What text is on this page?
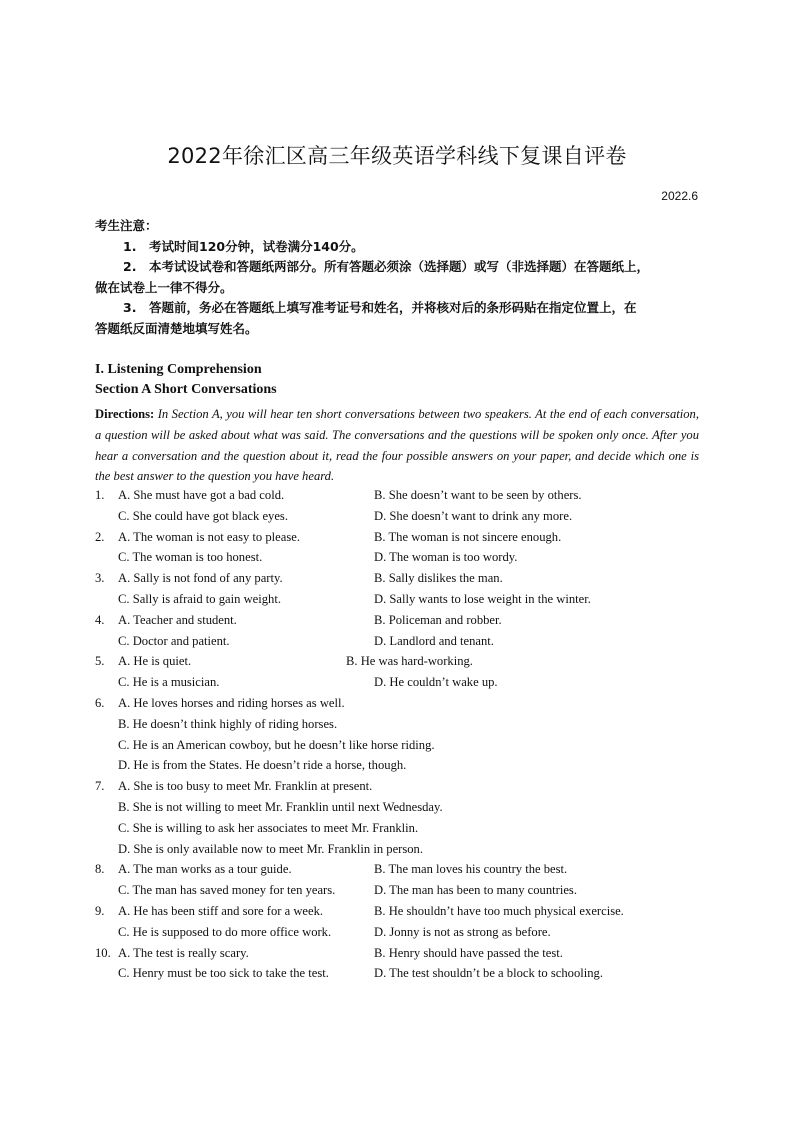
2022年徐汇区高三年级英语学科线下复课自评卷
2022.6
考生注意：
1. 考试时间120分钟，试卷满分140分。
2. 本考试设试卷和答题纸两部分。所有答题必须涂（选择题）或写（非选择题）在答题纸上，
做在试卷上一律不得分。
3. 答题前，务必在答题纸上填写准考证号和姓名，并将核对后的条形码贴在指定位置上，在
答题纸反面清楚地填写姓名。
I. Listening Comprehension
Section A Short Conversations
Directions: In Section A, you will hear ten short conversations between two speakers. At the end of each conversation, a question will be asked about what was said. The conversations and the questions will be spoken only once. After you hear a conversation and the question about it, read the four possible answers on your paper, and decide which one is the best answer to the question you have heard.
1. A. She must have got a bad cold.	B. She doesn’t want to be seen by others.
C. She could have got black eyes.	D. She doesn’t want to drink any more.
2. A. The woman is not easy to please.	B. The woman is not sincere enough.
C. The woman is too honest.	D. The woman is too wordy.
3. A. Sally is not fond of any party.	B. Sally dislikes the man.
C. Sally is afraid to gain weight.	D. Sally wants to lose weight in the winter.
4. A. Teacher and student.	B. Policeman and robber.
C. Doctor and patient.	D. Landlord and tenant.
5. A. He is quiet.	B. He was hard-working.
C. He is a musician.	D. He couldn’t wake up.
6. A. He loves horses and riding horses as well.
B. He doesn’t think highly of riding horses.
C. He is an American cowboy, but he doesn’t like horse riding.
D. He is from the States. He doesn’t ride a horse, though.
7. A. She is too busy to meet Mr. Franklin at present.
B. She is not willing to meet Mr. Franklin until next Wednesday.
C. She is willing to ask her associates to meet Mr. Franklin.
D. She is only available now to meet Mr. Franklin in person.
8. A. The man works as a tour guide.	B. The man loves his country the best.
C. The man has saved money for ten years.	D. The man has been to many countries.
9. A. He has been stiff and sore for a week.	B. He shouldn’t have too much physical exercise.
C. He is supposed to do more office work.	D. Jonny is not as strong as before.
10. A. The test is really scary.	B. Henry should have passed the test.
C. Henry must be too sick to take the test.	D. The test shouldn’t be a block to schooling.
